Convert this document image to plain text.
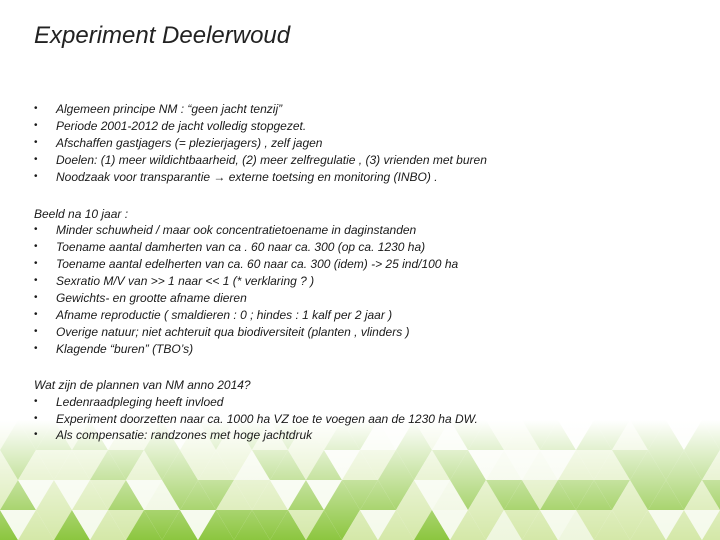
Experiment Deelerwoud
• Algemeen principe NM : “geen jacht tenzij”
• Periode 2001-2012 de jacht volledig stopgezet.
• Afschaffen gastjagers (= plezierjagers) , zelf jagen
• Doelen: (1) meer wildichtbaarheid, (2) meer zelfregulatie , (3) vrienden met buren
• Noodzaak voor transparantie → externe toetsing en monitoring (INBO) .
Beeld na 10 jaar :
• Minder schuwheid / maar ook concentratietoename in daginstanden
• Toename aantal damherten van ca . 60 naar ca. 300 (op ca. 1230 ha)
• Toename aantal edelherten van ca. 60 naar ca. 300 (idem) -> 25 ind/100 ha
• Sexratio M/V van >> 1 naar << 1 (* verklaring ? )
• Gewichts- en grootte afname dieren
• Afname reproductie ( smaldieren : 0 ; hindes : 1 kalf per 2 jaar )
• Overige natuur; niet achteruit qua biodiversiteit (planten , vlinders )
• Klagende “buren” (TBO’s)
Wat zijn de plannen van NM anno 2014?
• Ledenraadpleging heeft invloed
• Experiment doorzetten naar ca. 1000 ha VZ toe te voegen aan de 1230 ha DW.
• Als compensatie: randzones met hoge jachtdruk
